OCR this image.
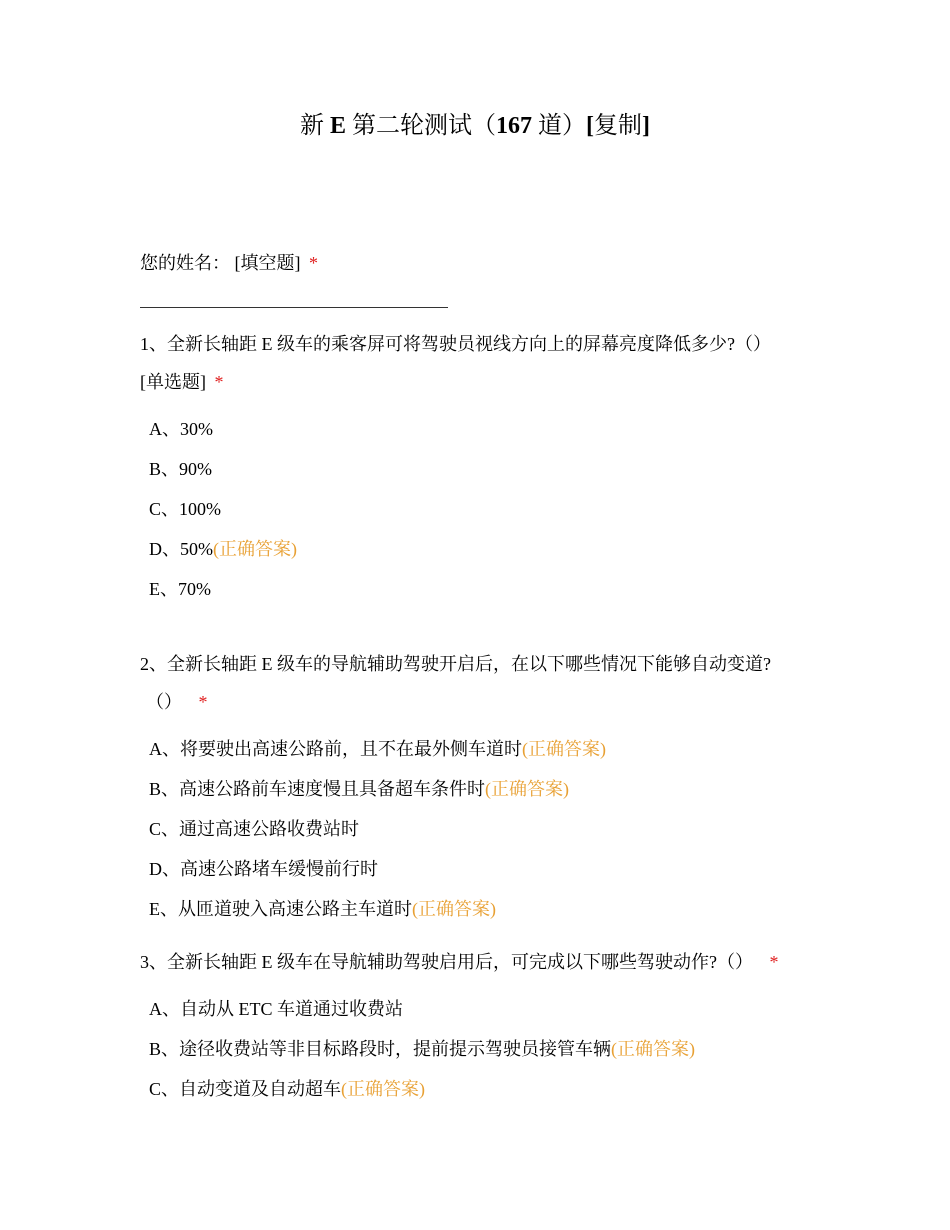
新 E 第二轮测试（167 道）[复制]
您的姓名： [填空题] *
1、全新长轴距 E 级车的乘客屏可将驾驶员视线方向上的屏幕亮度降低多少?（）
[单选题] *
A、30%
B、90%
C、100%
D、50%(正确答案)
E、70%
2、全新长轴距 E 级车的导航辅助驾驶开启后，在以下哪些情况下能够自动变道?
（） *
A、将要驶出高速公路前，且不在最外侧车道时(正确答案)
B、高速公路前车速度慢且具备超车条件时(正确答案)
C、通过高速公路收费站时
D、高速公路堵车缓慢前行时
E、从匝道驶入高速公路主车道时(正确答案)
3、全新长轴距 E 级车在导航辅助驾驶启用后，可完成以下哪些驾驶动作?（） *
A、自动从 ETC 车道通过收费站
B、途径收费站等非目标路段时，提前提示驾驶员接管车辆(正确答案)
C、自动变道及自动超车(正确答案)
